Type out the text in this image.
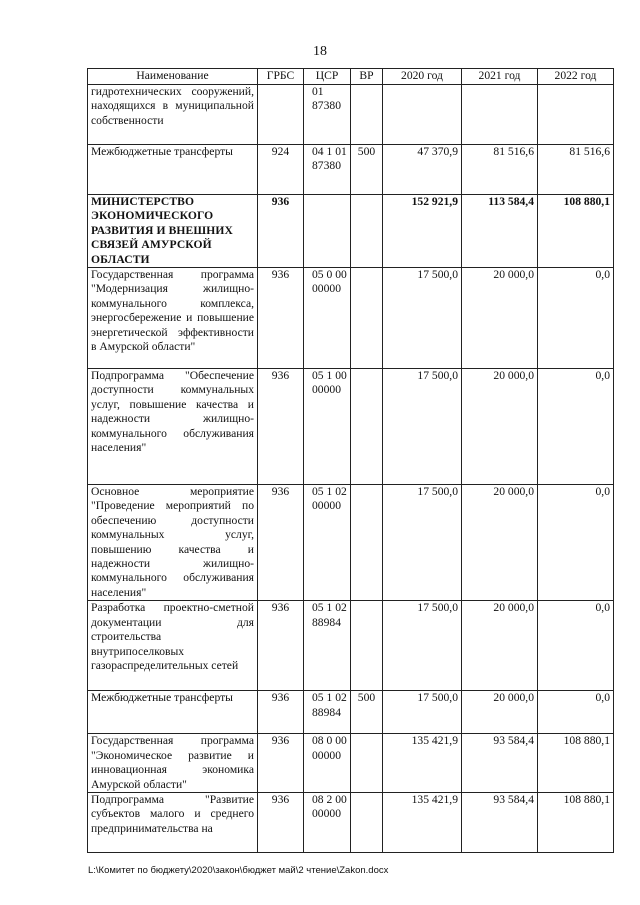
18
Наименование	ГРБС	ЦСР	ВР	2020 год	2021 год	2022 год
гидротехнических сооружений, находящихся в муниципальной собственности		01 87380				
Межбюджетные трансферты	924	04 1 01 87380	500	47 370,9	81 516,6	81 516,6
МИНИСТЕРСТВО ЭКОНОМИЧЕСКОГО РАЗВИТИЯ И ВНЕШНИХ СВЯЗЕЙ АМУРСКОЙ ОБЛАСТИ	936			152 921,9	113 584,4	108 880,1
Государственная программа "Модернизация жилищно-коммунального комплекса, энергосбережение и повышение энергетической эффективности в Амурской области"	936	05 0 00 00000		17 500,0	20 000,0	0,0
Подпрограмма "Обеспечение доступности коммунальных услуг, повышение качества и надежности жилищно-коммунального обслуживания населения"	936	05 1 00 00000		17 500,0	20 000,0	0,0
Основное мероприятие "Проведение мероприятий по обеспечению доступности коммунальных услуг, повышению качества и надежности жилищно-коммунального обслуживания населения"	936	05 1 02 00000		17 500,0	20 000,0	0,0
Разработка проектно-сметной документации для строительства внутрипоселковых газораспределительных сетей	936	05 1 02 88984		17 500,0	20 000,0	0,0
Межбюджетные трансферты	936	05 1 02 88984	500	17 500,0	20 000,0	0,0
Государственная программа "Экономическое развитие и инновационная экономика Амурской области"	936	08 0 00 00000		135 421,9	93 584,4	108 880,1
Подпрограмма "Развитие субъектов малого и среднего предпринимательства на	936	08 2 00 00000		135 421,9	93 584,4	108 880,1
L:\Комитет по бюджету\2020\закон\бюджет май\2 чтение\Zakon.docx
